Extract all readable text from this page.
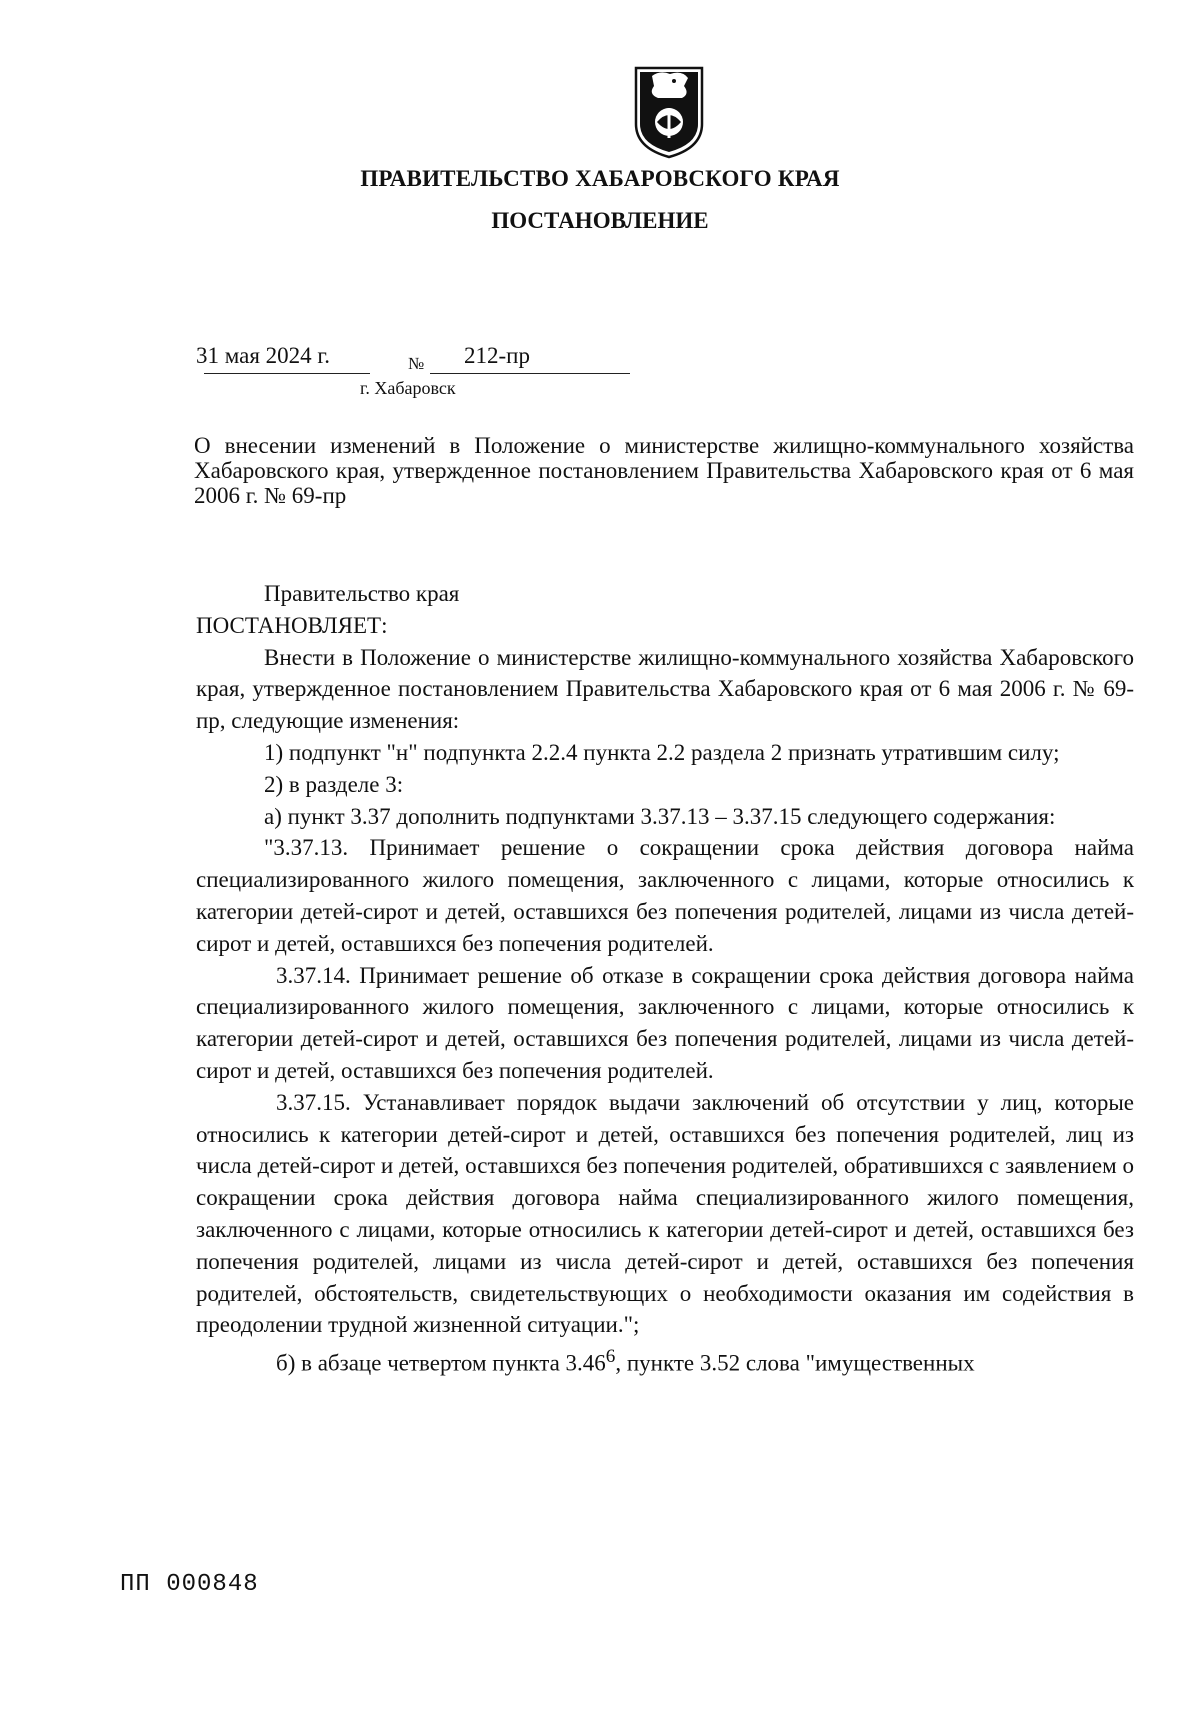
ПРАВИТЕЛЬСТВО ХАБАРОВСКОГО КРАЯ
ПОСТАНОВЛЕНИЕ
31 мая 2024 г.	№ 212-пр
г. Хабаровск
О внесении изменений в Положение о министерстве жилищно-коммунального хозяйства Хабаровского края, утвержденное постановлением Правительства Хабаровского края от 6 мая 2006 г. № 69-пр

Правительство края

ПОСТАНОВЛЯЕТ:

Внести в Положение о министерстве жилищно-коммунального хозяйства Хабаровского края, утвержденное постановлением Правительства Хабаровского края от 6 мая 2006 г. № 69-пр, следующие изменения:

1) подпункт "н" подпункта 2.2.4 пункта 2.2 раздела 2 признать утратившим силу;

2) в разделе 3:

а) пункт 3.37 дополнить подпунктами 3.37.13 – 3.37.15 следующего содержания:

"3.37.13. Принимает решение о сокращении срока действия договора найма специализированного жилого помещения, заключенного с лицами, которые относились к категории детей-сирот и детей, оставшихся без попечения родителей, лицами из числа детей-сирот и детей, оставшихся без попечения родителей.

3.37.14. Принимает решение об отказе в сокращении срока действия договора найма специализированного жилого помещения, заключенного с лицами, которые относились к категории детей-сирот и детей, оставшихся без попечения родителей, лицами из числа детей-сирот и детей, оставшихся без попечения родителей.

3.37.15. Устанавливает порядок выдачи заключений об отсутствии у лиц, которые относились к категории детей-сирот и детей, оставшихся без попечения родителей, лиц из числа детей-сирот и детей, оставшихся без попечения родителей, обратившихся с заявлением о сокращении срока действия договора найма специализированного жилого помещения, заключенного с лицами, которые относились к категории детей-сирот и детей, оставшихся без попечения родителей, лицами из числа детей-сирот и детей, оставшихся без попечения родителей, обстоятельств, свидетельствующих о необходимости оказания им содействия в преодолении трудной жизненной ситуации.";

б) в абзаце четвертом пункта 3.46$^6$, пункте 3.52 слова "имущественных

ПП 000848
